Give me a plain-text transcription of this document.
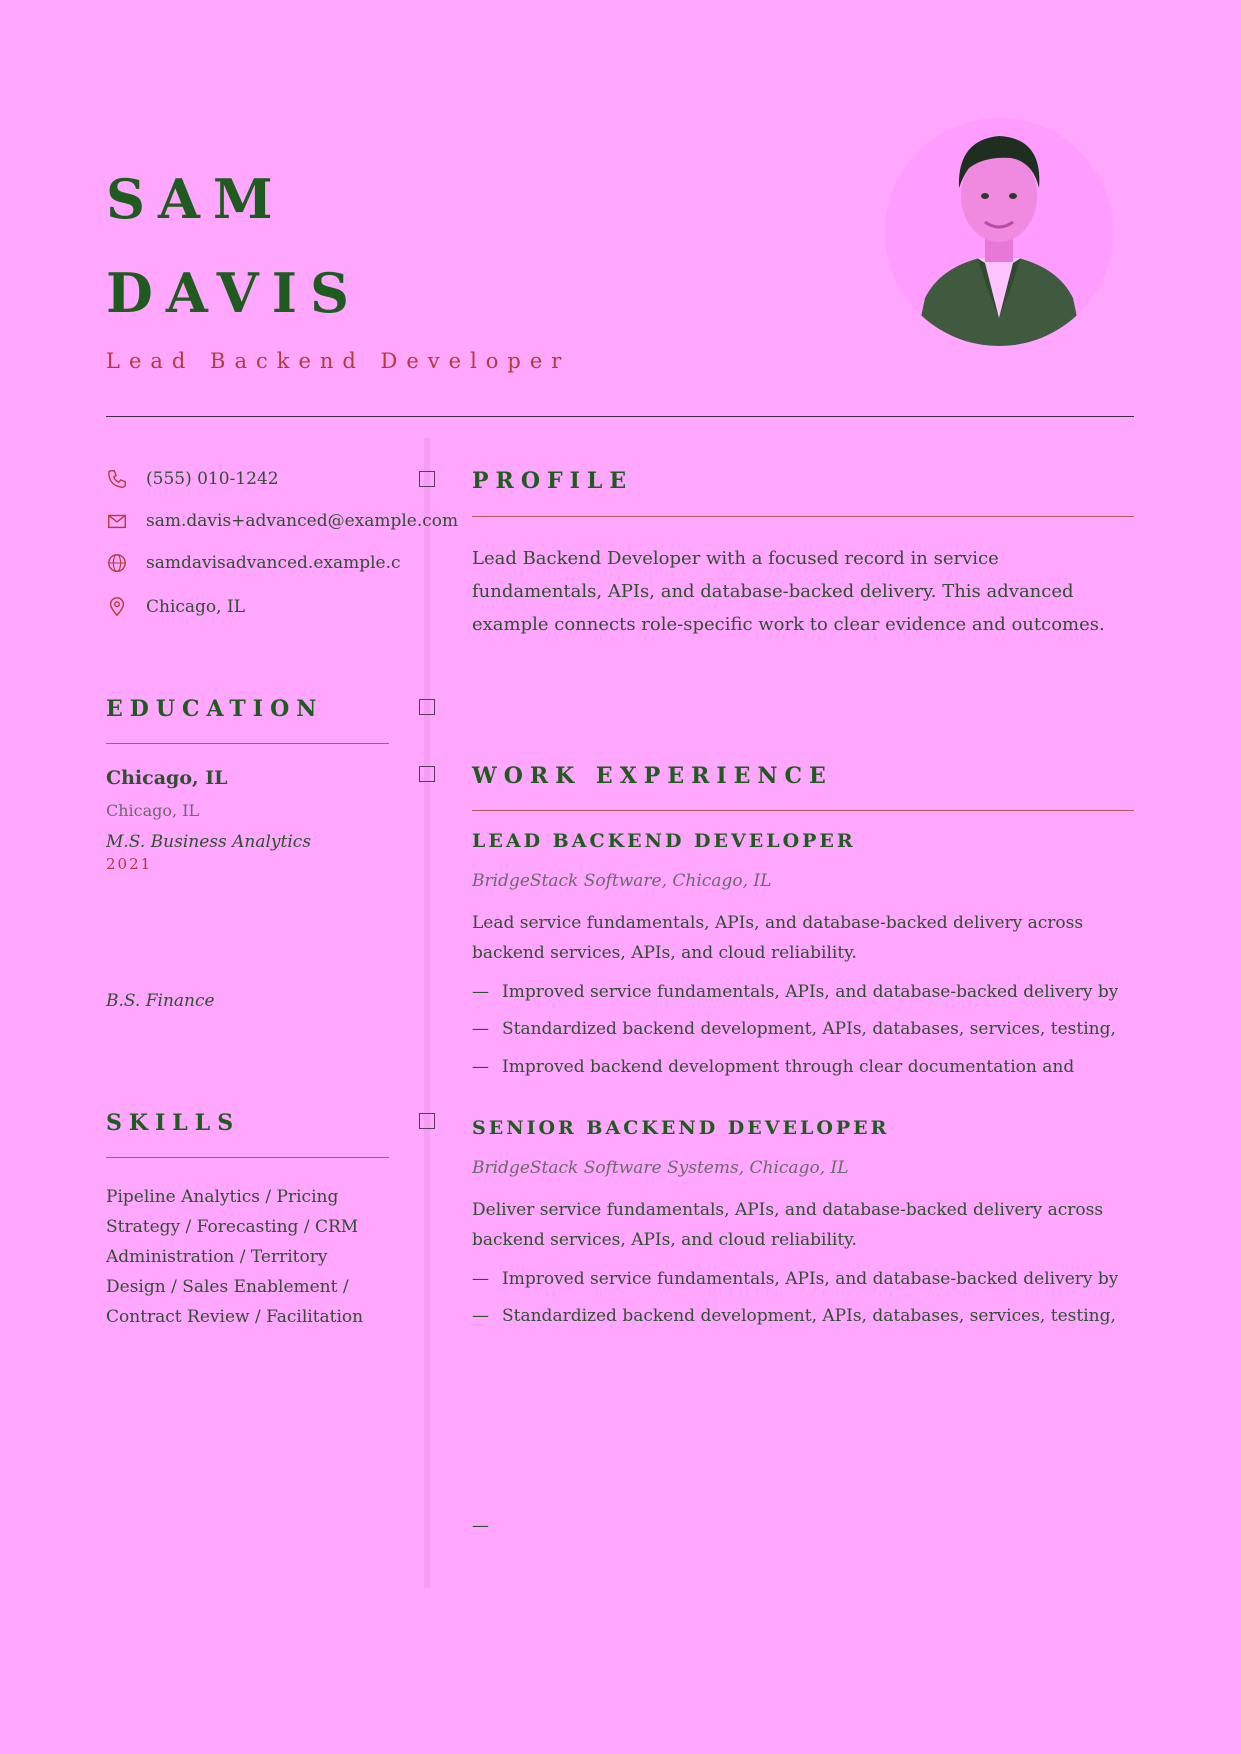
SAM
DAVIS
Lead Backend Developer
(555) 010-1242
sam.davis+advanced@example.com
samdavisadvanced.example.c
Chicago, IL
EDUCATION
Chicago, IL
Chicago, IL
M.S. Business Analytics
2021
B.S. Finance
SKILLS
Pipeline Analytics / Pricing Strategy / Forecasting / CRM Administration / Territory Design / Sales Enablement / Contract Review / Facilitation
PROFILE
Lead Backend Developer with a focused record in service fundamentals, APIs, and database-backed delivery. This advanced example connects role-specific work to clear evidence and outcomes.
WORK EXPERIENCE
LEAD BACKEND DEVELOPER
BridgeStack Software, Chicago, IL
Lead service fundamentals, APIs, and database-backed delivery across backend services, APIs, and cloud reliability.
— Improved service fundamentals, APIs, and database-backed delivery by
— Standardized backend development, APIs, databases, services, testing,
— Improved backend development through clear documentation and
SENIOR BACKEND DEVELOPER
BridgeStack Software Systems, Chicago, IL
Deliver service fundamentals, APIs, and database-backed delivery across backend services, APIs, and cloud reliability.
— Improved service fundamentals, APIs, and database-backed delivery by
— Standardized backend development, APIs, databases, services, testing,
—
